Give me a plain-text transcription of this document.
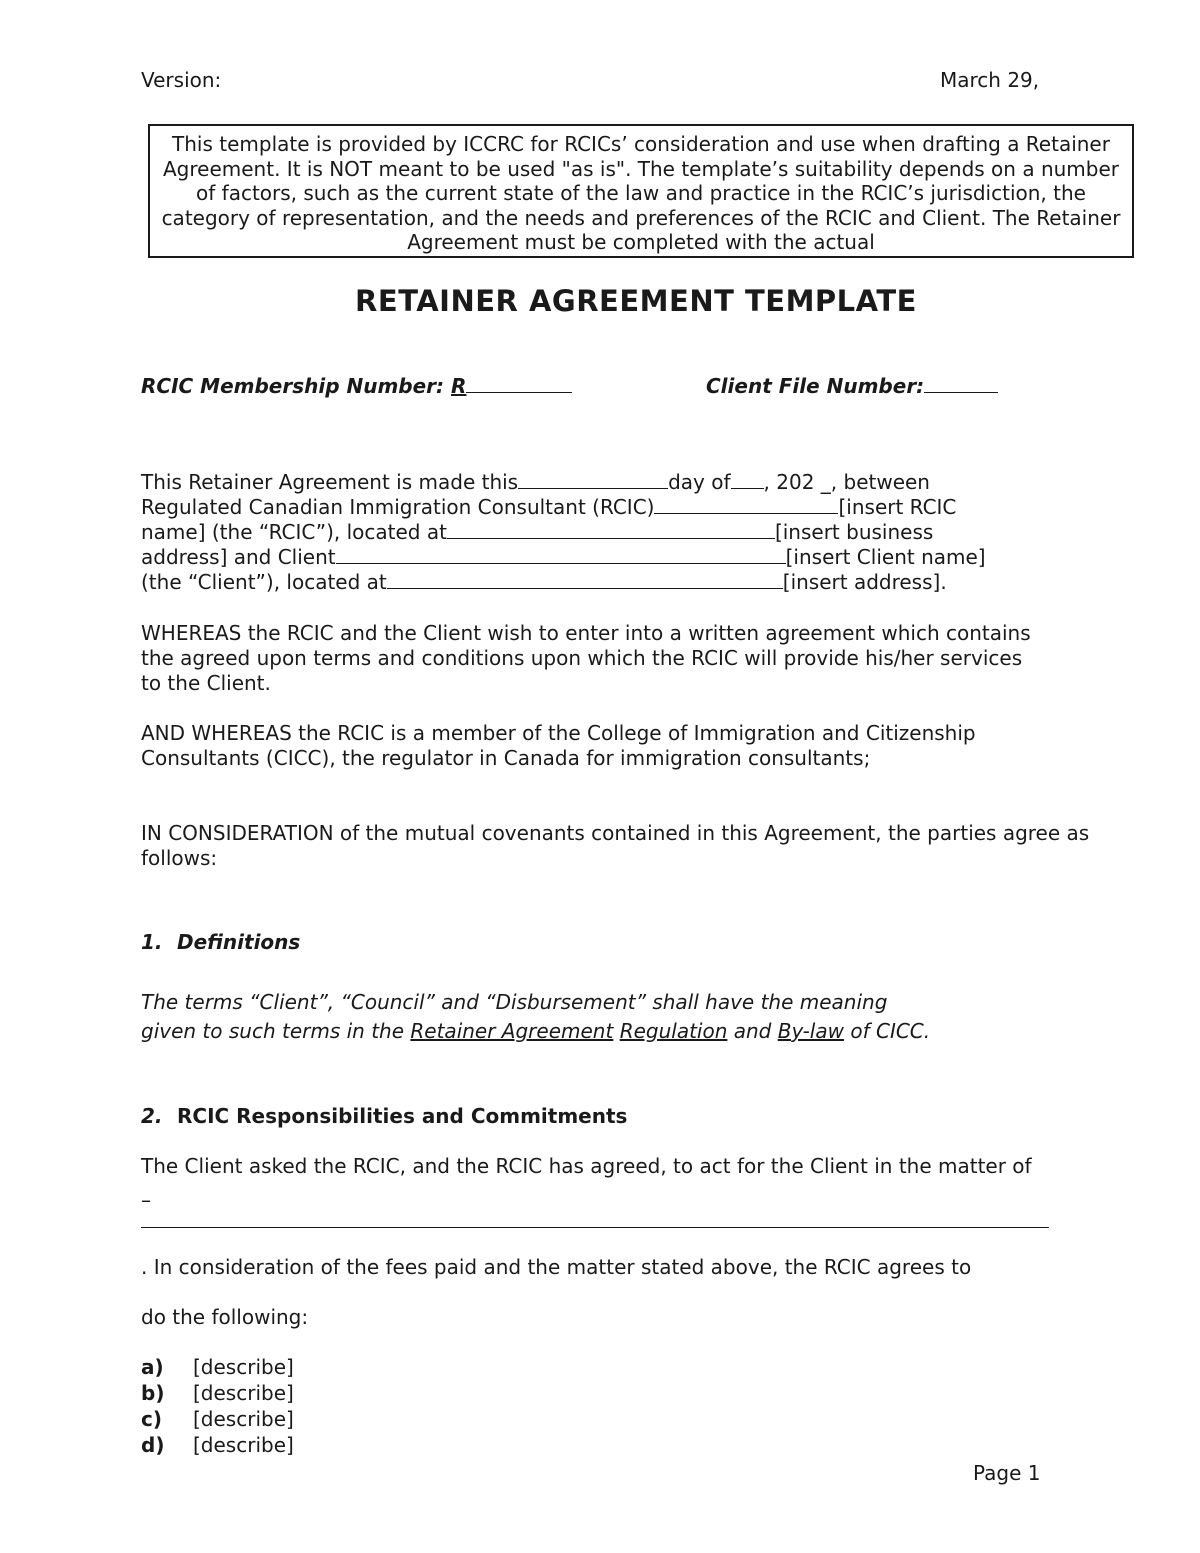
Version:	March 29,
This template is provided by ICCRC for RCICs’ consideration and use when drafting a Retainer Agreement. It is NOT meant to be used "as is". The template’s suitability depends on a number of factors, such as the current state of the law and practice in the RCIC’s jurisdiction, the category of representation, and the needs and preferences of the RCIC and Client. The Retainer Agreement must be completed with the actual
RETAINER AGREEMENT TEMPLATE
RCIC Membership Number: R	Client File Number:
This Retainer Agreement is made this	day of , 202 _, between
Regulated Canadian Immigration Consultant (RCIC)	[insert RCIC
name] (the “RCIC”), located at	[insert business
address] and Client	[insert Client name]
(the “Client”), located at	[insert address].
WHEREAS the RCIC and the Client wish to enter into a written agreement which contains the agreed upon terms and conditions upon which the RCIC will provide his/her services to the Client.
AND WHEREAS the RCIC is a member of the College of Immigration and Citizenship Consultants (CICC), the regulator in Canada for immigration consultants;
IN CONSIDERATION of the mutual covenants contained in this Agreement, the parties agree as follows:
1. Definitions
The terms “Client”, “Council” and “Disbursement” shall have the meaning
given to such terms in the Retainer Agreement Regulation and By-law of CICC.
2. RCIC Responsibilities and Commitments
The Client asked the RCIC, and the RCIC has agreed, to act for the Client in the matter of
–
. In consideration of the fees paid and the matter stated above, the RCIC agrees to
do the following:
a) [describe]
b) [describe]
c) [describe]
d) [describe]
Page 1
